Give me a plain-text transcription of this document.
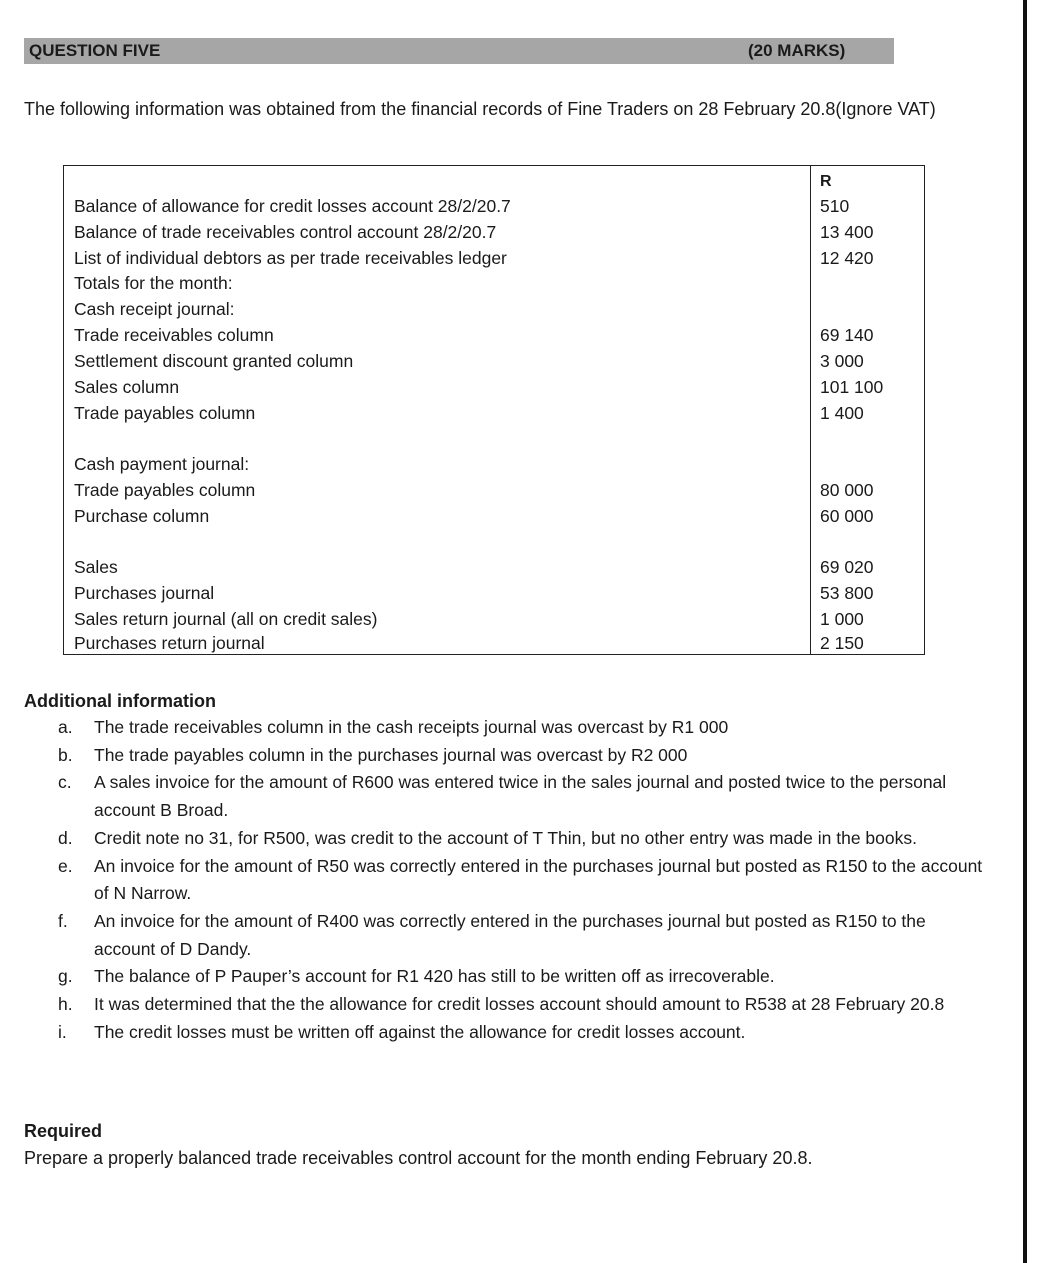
QUESTION FIVE	(20 MARKS)
The following information was obtained from the financial records of Fine Traders on 28 February 20.8(Ignore VAT)
R
Balance of allowance for credit losses account 28/2/20.7	510
Balance of trade receivables control account 28/2/20.7	13 400
List of individual debtors as per trade receivables ledger	12 420
Totals for the month:
Cash receipt journal:
Trade receivables column	69 140
Settlement discount granted column	3 000
Sales column	101 100
Trade payables column	1 400
Cash payment journal:
Trade payables column	80 000
Purchase column	60 000
Sales	69 020
Purchases journal	53 800
Sales return journal (all on credit sales)	1 000
Purchases return journal	2 150
Additional information
a. The trade receivables column in the cash receipts journal was overcast by R1 000
b. The trade payables column in the purchases journal was overcast by R2 000
c. A sales invoice for the amount of R600 was entered twice in the sales journal and posted twice to the personal account B Broad.
d. Credit note no 31, for R500, was credit to the account of T Thin, but no other entry was made in the books.
e. An invoice for the amount of R50 was correctly entered in the purchases journal but posted as R150 to the account of N Narrow.
f. An invoice for the amount of R400 was correctly entered in the purchases journal but posted as R150 to the account of D Dandy.
g. The balance of P Pauper’s account for R1 420 has still to be written off as irrecoverable.
h. It was determined that the the allowance for credit losses account should amount to R538 at 28 February 20.8
i. The credit losses must be written off against the allowance for credit losses account.
Required
Prepare a properly balanced trade receivables control account for the month ending February 20.8.
